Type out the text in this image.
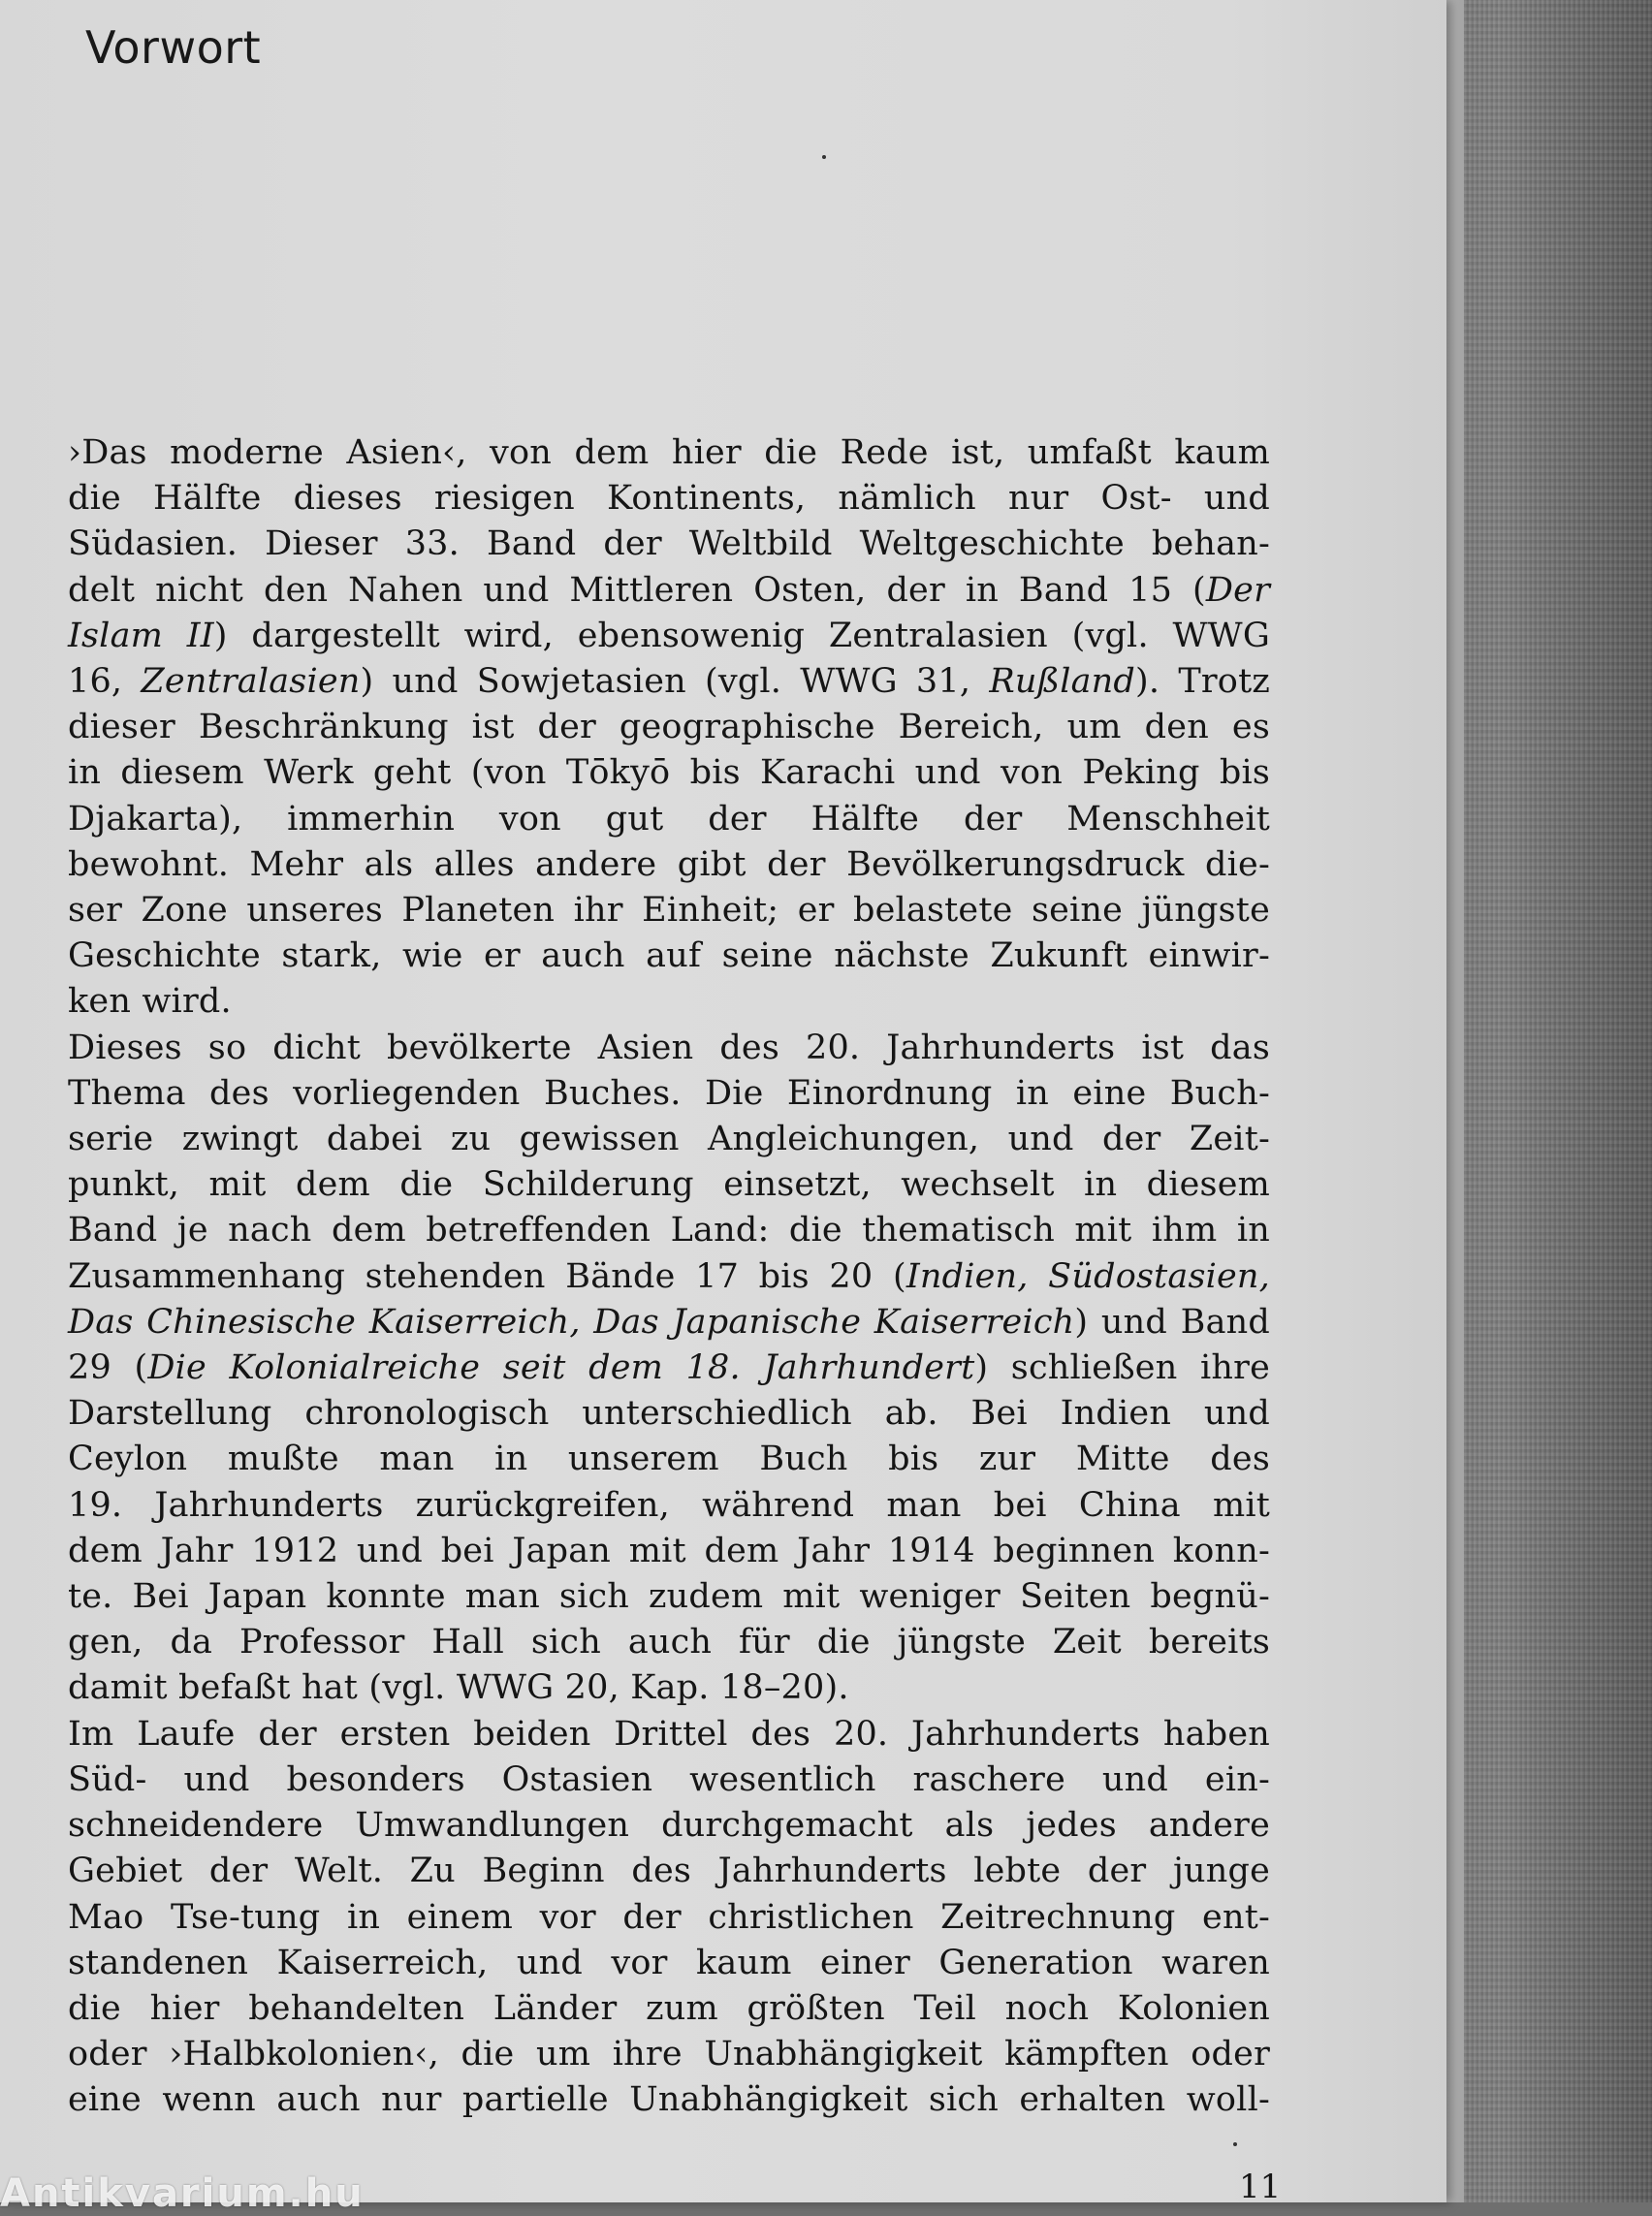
Vorwort
›Das moderne Asien‹, von dem hier die Rede ist, umfaßt kaum
die Hälfte dieses riesigen Kontinents, nämlich nur Ost- und
Südasien. Dieser 33. Band der Weltbild Weltgeschichte behan-
delt nicht den Nahen und Mittleren Osten, der in Band 15 (Der
Islam II) dargestellt wird, ebensowenig Zentralasien (vgl. WWG
16, Zentralasien) und Sowjetasien (vgl. WWG 31, Rußland). Trotz
dieser Beschränkung ist der geographische Bereich, um den es
in diesem Werk geht (von Tōkyō bis Karachi und von Peking bis
Djakarta), immerhin von gut der Hälfte der Menschheit
bewohnt. Mehr als alles andere gibt der Bevölkerungsdruck die-
ser Zone unseres Planeten ihr Einheit; er belastete seine jüngste
Geschichte stark, wie er auch auf seine nächste Zukunft einwir-
ken wird.
Dieses so dicht bevölkerte Asien des 20. Jahrhunderts ist das
Thema des vorliegenden Buches. Die Einordnung in eine Buch-
serie zwingt dabei zu gewissen Angleichungen, und der Zeit-
punkt, mit dem die Schilderung einsetzt, wechselt in diesem
Band je nach dem betreffenden Land: die thematisch mit ihm in
Zusammenhang stehenden Bände 17 bis 20 (Indien, Südostasien,
Das Chinesische Kaiserreich, Das Japanische Kaiserreich) und Band
29 (Die Kolonialreiche seit dem 18. Jahrhundert) schließen ihre
Darstellung chronologisch unterschiedlich ab. Bei Indien und
Ceylon mußte man in unserem Buch bis zur Mitte des
19. Jahrhunderts zurückgreifen, während man bei China mit
dem Jahr 1912 und bei Japan mit dem Jahr 1914 beginnen konn-
te. Bei Japan konnte man sich zudem mit weniger Seiten begnü-
gen, da Professor Hall sich auch für die jüngste Zeit bereits
damit befaßt hat (vgl. WWG 20, Kap. 18–20).
Im Laufe der ersten beiden Drittel des 20. Jahrhunderts haben
Süd- und besonders Ostasien wesentlich raschere und ein-
schneidendere Umwandlungen durchgemacht als jedes andere
Gebiet der Welt. Zu Beginn des Jahrhunderts lebte der junge
Mao Tse-tung in einem vor der christlichen Zeitrechnung ent-
standenen Kaiserreich, und vor kaum einer Generation waren
die hier behandelten Länder zum größten Teil noch Kolonien
oder ›Halbkolonien‹, die um ihre Unabhängigkeit kämpften oder
eine wenn auch nur partielle Unabhängigkeit sich erhalten woll-
11
Antikvarium.hu
